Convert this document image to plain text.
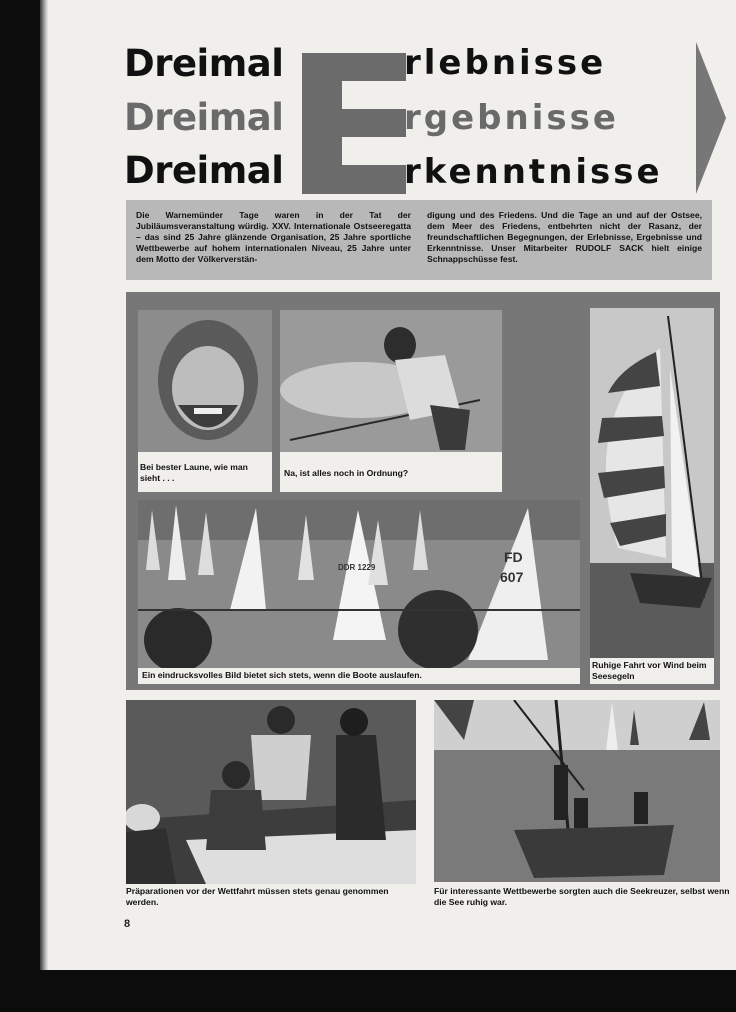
Dreimal
Dreimal
Dreimal
rlebnisse
rgebnisse
rkenntnisse

Die Warnemünder Tage waren in der Tat der Jubiläumsveranstaltung würdig. XXV. Internationale Ostseeregatta – das sind 25 Jahre glänzende Organisation, 25 Jahre sportliche Wettbewerbe auf hohem internationalen Niveau, 25 Jahre unter dem Motto der Völkerverstän-

digung und des Friedens. Und die Tage an und auf der Ostsee, dem Meer des Friedens, entbehrten nicht der Rasanz, der freundschaftlichen Begegnungen, der Erlebnisse, Ergebnisse und Erkenntnisse. Unser Mitarbeiter RUDOLF SACK hielt einige Schnappschüsse fest.

Bei bester Laune, wie man sieht . . .	Na, ist alles noch in Ordnung?
Ruhige Fahrt vor Wind beim Seesegeln
FD
607
DDR 1229
Ein eindrucksvolles Bild bietet sich stets, wenn die Boote auslaufen.
Präparationen vor der Wettfahrt müssen stets genau genommen werden.
Für interessante Wettbewerbe sorgten auch die Seekreuzer, selbst wenn die See ruhig war.
8
